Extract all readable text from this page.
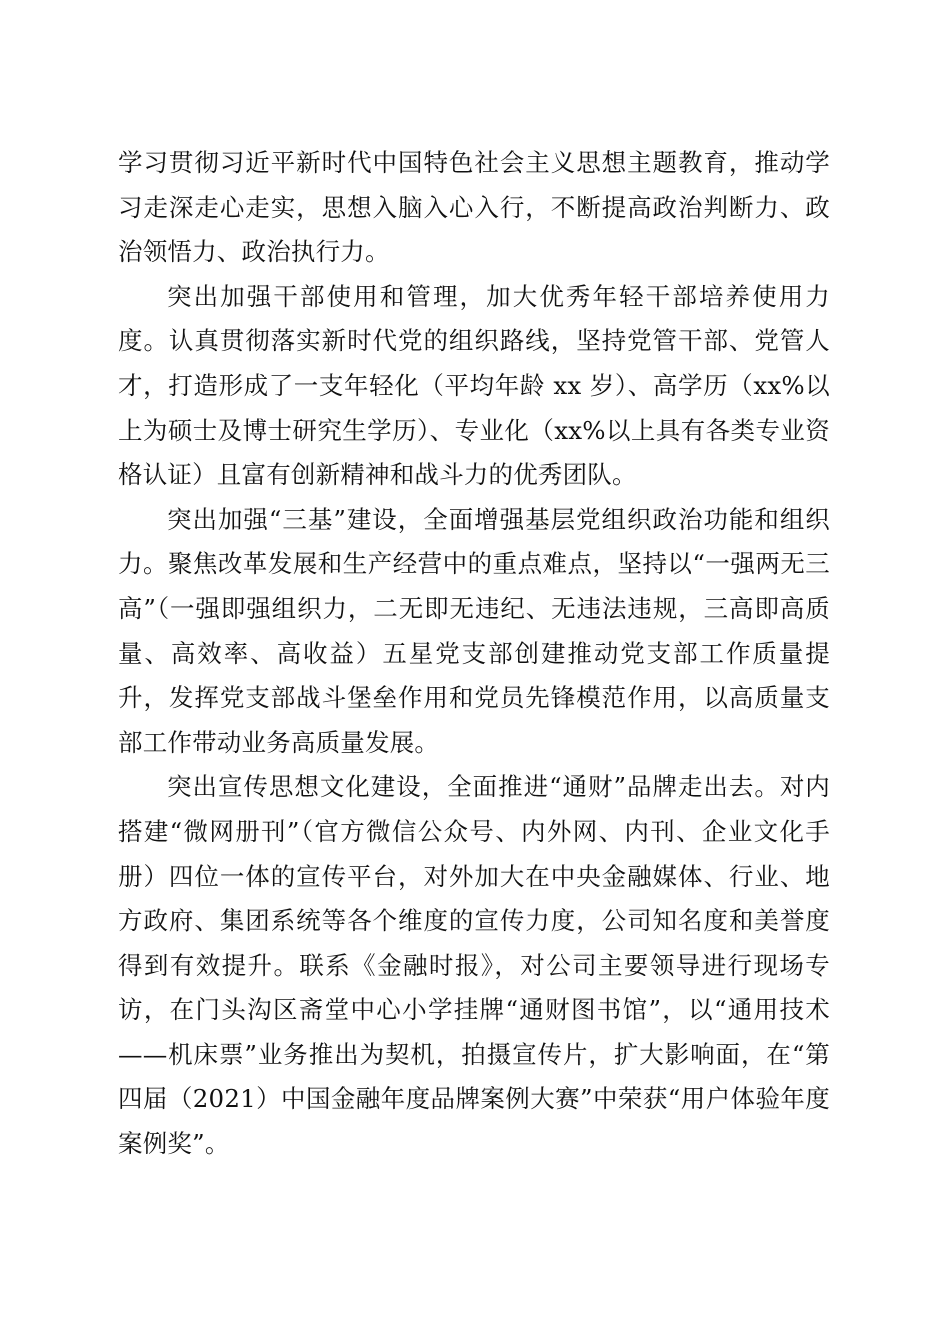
学习贯彻习近平新时代中国特色社会主义思想主题教育，推动学习走深走心走实，思想入脑入心入行，不断提高政治判断力、政治领悟力、政治执行力。

突出加强干部使用和管理，加大优秀年轻干部培养使用力度。认真贯彻落实新时代党的组织路线，坚持党管干部、党管人才，打造形成了一支年轻化（平均年龄 xx 岁）、高学历（xx%以上为硕士及博士研究生学历）、专业化（xx%以上具有各类专业资格认证）且富有创新精神和战斗力的优秀团队。

突出加强“三基”建设，全面增强基层党组织政治功能和组织力。聚焦改革发展和生产经营中的重点难点，坚持以“一强两无三高”（一强即强组织力，二无即无违纪、无违法违规，三高即高质量、高效率、高收益）五星党支部创建推动党支部工作质量提升，发挥党支部战斗堡垒作用和党员先锋模范作用，以高质量支部工作带动业务高质量发展。

突出宣传思想文化建设，全面推进“通财”品牌走出去。对内搭建“微网册刊”（官方微信公众号、内外网、内刊、企业文化手册）四位一体的宣传平台，对外加大在中央金融媒体、行业、地方政府、集团系统等各个维度的宣传力度，公司知名度和美誉度得到有效提升。联系《金融时报》，对公司主要领导进行现场专访，在门头沟区斋堂中心小学挂牌“通财图书馆”，以“通用技术——机床票”业务推出为契机，拍摄宣传片，扩大影响面，在“第四届（2021）中国金融年度品牌案例大赛”中荣获“用户体验年度案例奖”。
